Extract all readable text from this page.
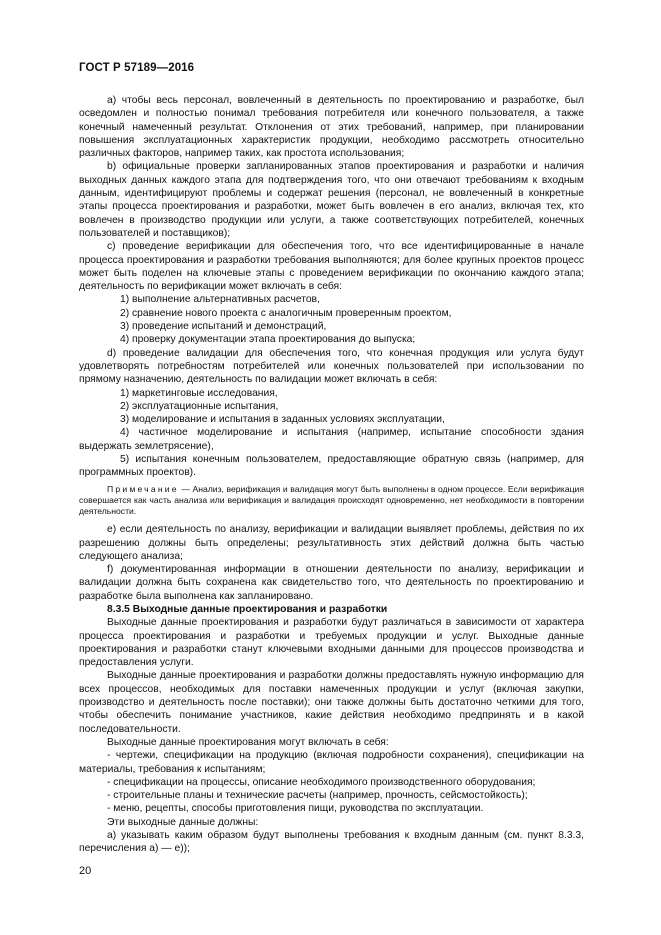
ГОСТ Р 57189—2016

a) чтобы весь персонал, вовлеченный в деятельность по проектированию и разработке, был осведомлен и полностью понимал требования потребителя или конечного пользователя, а также конечный намеченный результат. Отклонения от этих требований, например, при планировании повышения эксплуатационных характеристик продукции, необходимо рассмотреть относительно различных факторов, например таких, как простота использования;

b) официальные проверки запланированных этапов проектирования и разработки и наличия выходных данных каждого этапа для подтверждения того, что они отвечают требованиям к входным данным, идентифицируют проблемы и содержат решения (персонал, не вовлеченный в конкретные этапы процесса проектирования и разработки, может быть вовлечен в его анализ, включая тех, кто вовлечен в производство продукции или услуги, а также соответствующих потребителей, конечных пользователей и поставщиков);

c) проведение верификации для обеспечения того, что все идентифицированные в начале процесса проектирования и разработки требования выполняются; для более крупных проектов процесс может быть поделен на ключевые этапы с проведением верификации по окончанию каждого этапа; деятельность по верификации может включать в себя:

1) выполнение альтернативных расчетов,

2) сравнение нового проекта с аналогичным проверенным проектом,

3) проведение испытаний и демонстраций,

4) проверку документации этапа проектирования до выпуска;

d) проведение валидации для обеспечения того, что конечная продукция или услуга будут удовлетворять потребностям потребителей или конечных пользователей при использовании по прямому назначению, деятельность по валидации может включать в себя:

1) маркетинговые исследования,

2) эксплуатационные испытания,

3) моделирование и испытания в заданных условиях эксплуатации,

4) частичное моделирование и испытания (например, испытание способности здания выдержать землетрясение),

5) испытания конечным пользователем, предоставляющие обратную связь (например, для программных проектов).

Примечание — Анализ, верификация и валидация могут быть выполнены в одном процессе. Если верификация совершается как часть анализа или верификация и валидация происходят одновременно, нет необходимости в повторении деятельности.

e) если деятельность по анализу, верификации и валидации выявляет проблемы, действия по их разрешению должны быть определены; результативность этих действий должна быть частью следующего анализа;

f) документированная информации в отношении деятельности по анализу, верификации и валидации должна быть сохранена как свидетельство того, что деятельность по проектированию и разработке была выполнена как запланировано.

8.3.5 Выходные данные проектирования и разработки

Выходные данные проектирования и разработки будут различаться в зависимости от характера процесса проектирования и разработки и требуемых продукции и услуг. Выходные данные проектирования и разработки станут ключевыми входными данными для процессов производства и предоставления услуги.

Выходные данные проектирования и разработки должны предоставлять нужную информацию для всех процессов, необходимых для поставки намеченных продукции и услуг (включая закупки, производство и деятельность после поставки); они также должны быть достаточно четкими для того, чтобы обеспечить понимание участников, какие действия необходимо предпринять и в какой последовательности.

Выходные данные проектирования могут включать в себя:

- чертежи, спецификации на продукцию (включая подробности сохранения), спецификации на материалы, требования к испытаниям;

- спецификации на процессы, описание необходимого производственного оборудования;

- строительные планы и технические расчеты (например, прочность, сейсмостойкость);

- меню, рецепты, способы приготовления пищи, руководства по эксплуатации.

Эти выходные данные должны:

a) указывать каким образом будут выполнены требования к входным данным (см. пункт 8.3.3, перечисления a) — e));

20
